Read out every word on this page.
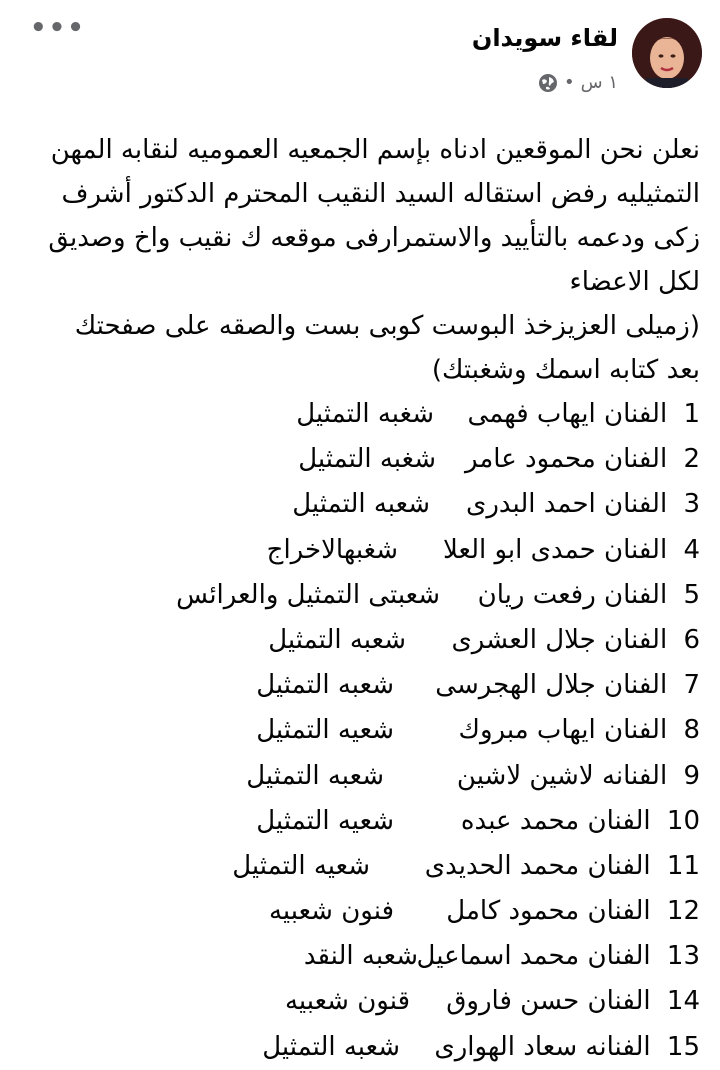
لقاء سويدان
١ س
•
•••

نعلن نحن الموقعين ادناه بإسم الجمعيه العموميه لنقابه المهن

التمثيليه رفض استقاله السيد النقيب المحترم الدكتور أشرف

زكى ودعمه بالتأييد والاستمرارفى موقعه ك نقيب واخ وصديق

لكل الاعضاء

(زميلى العزيزخذ البوست كوبى بست والصقه على صفحتك

بعد كتابه اسمك وشغبتك)

1 الفنان ايهاب فهمى
شغبه التمثيل
2 الفنان محمود عامر
شغبه التمثيل
3 الفنان احمد البدرى
شعبه التمثيل
4 الفنان حمدى ابو العلا
شغبهالاخراج
5 الفنان رفعت ريان
شعبتى التمثيل والعرائس
6 الفنان جلال العشرى
شعبه التمثيل
7 الفنان جلال الهجرسى
شعبه التمثيل
8 الفنان ايهاب مبروك
شعيه التمثيل
9 الفنانه لاشين لاشين
شعبه التمثيل
10 الفنان محمد عبده
شعيه التمثيل
11 الفنان محمد الحديدى
شعيه التمثيل
12 الفنان محمود كامل
فنون شعبيه
13 الفنان محمد اسماعيل
شعبه النقد
14 الفنان حسن فاروق
قنون شعبيه
15 الفنانه سعاد الهوارى
شعبه التمثيل
